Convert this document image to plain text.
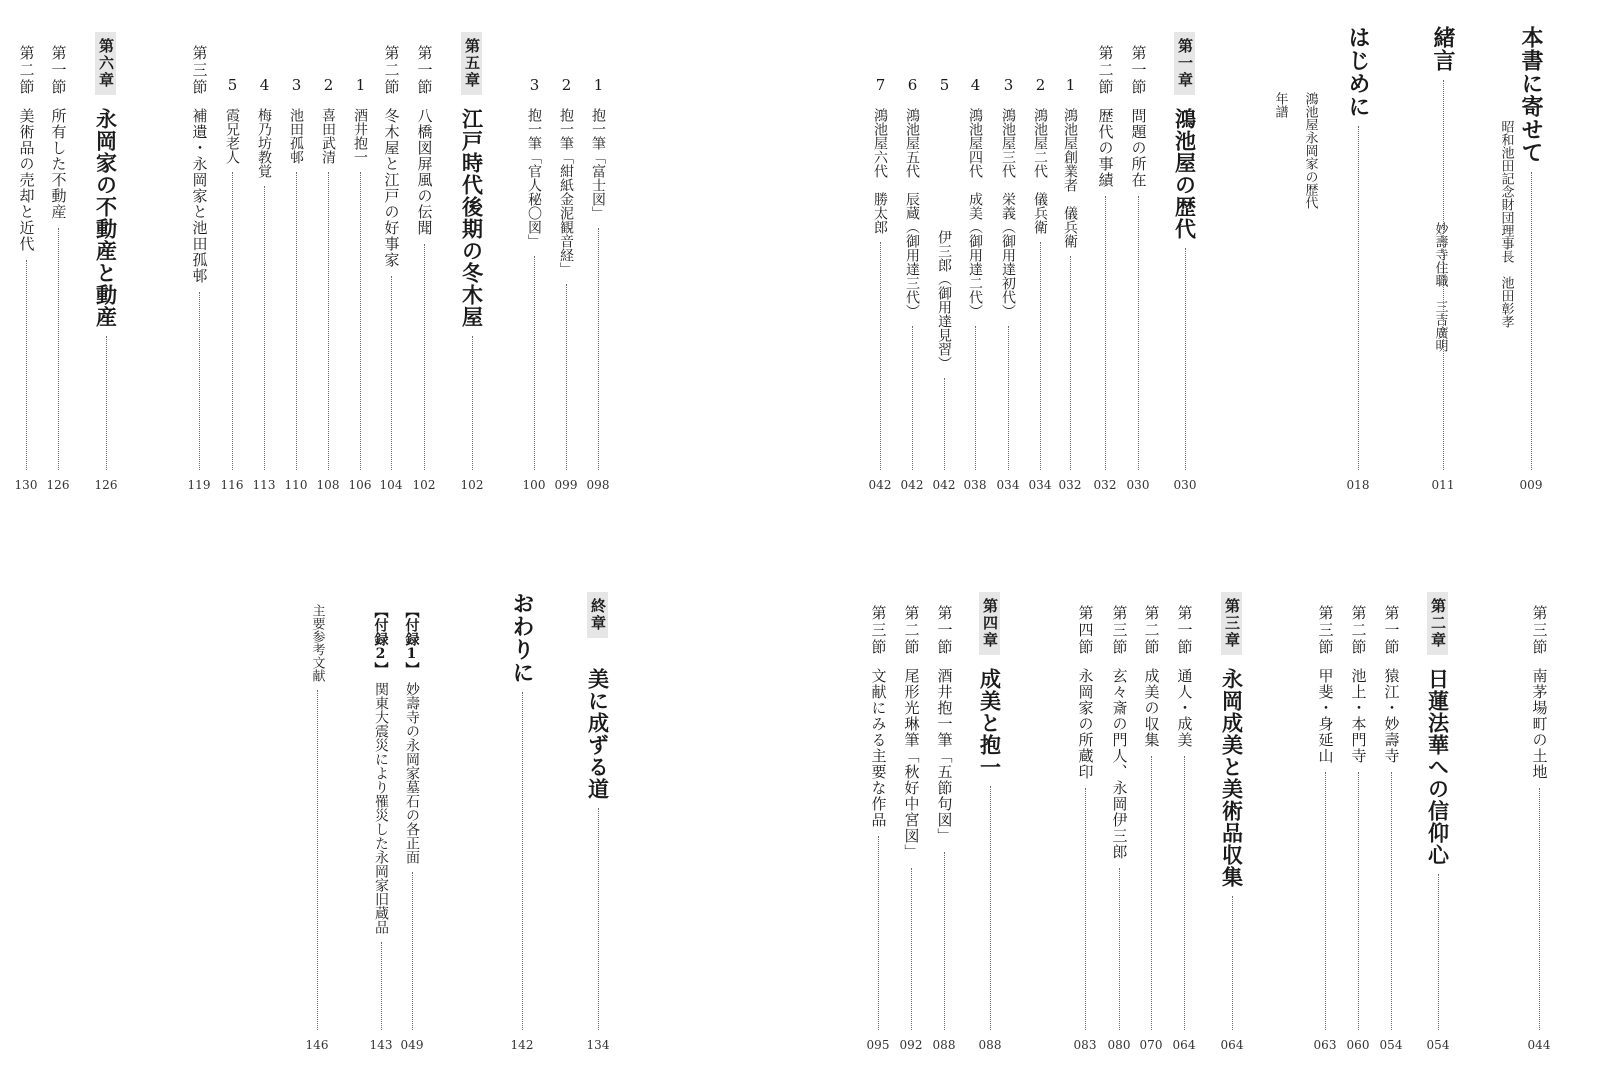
本書に寄せて
009
昭和池田記念財団理事長　池田彰孝
緒言
011
妙壽寺住職　三吉廣明
はじめに
018
鴻池屋永岡家の歴代
年譜
第一章
鴻池屋の歴代
030
第一節
問題の所在
030
第二節
歴代の事績
032
1
鴻池屋創業者　儀兵衛
032
2
鴻池屋二代　儀兵衛
034
3
鴻池屋三代　栄義（御用達初代）
034
4
鴻池屋四代　成美（御用達二代）
038
5
伊三郎（御用達見習）
042
6
鴻池屋五代　辰蔵（御用達三代）
042
7
鴻池屋六代　勝太郎
042
1
抱一筆「富士図」
098
2
抱一筆「紺紙金泥観音経」
099
3
抱一筆「官人秘〇図」
100
第五章
江戸時代後期の冬木屋
102
第一節
八橋図屏風の伝聞
102
第二節
冬木屋と江戸の好事家
104
1
酒井抱一
106
2
喜田武清
108
3
池田孤邨
110
4
梅乃坊教覚
113
5
霞兄老人
116
第三節
補遺・永岡家と池田孤邨
119
第六章
永岡家の不動産と動産
126
第一節
所有した不動産
126
第二節
美術品の売却と近代
130
第三節
南茅場町の土地
044
第二章
日蓮法華への信仰心
054
第一節
猿江・妙壽寺
054
第二節
池上・本門寺
060
第三節
甲斐・身延山
063
第三章
永岡成美と美術品収集
064
第一節
通人・成美
064
第二節
成美の収集
070
第三節
玄々斎の門人、永岡伊三郎
080
第四節
永岡家の所蔵印
083
第四章
成美と抱一
088
第一節
酒井抱一筆「五節句図」
088
第二節
尾形光琳筆「秋好中宮図」
092
第三節
文献にみる主要な作品
095
終章
美に成ずる道
134
おわりに
142
【付録1】
妙壽寺の永岡家墓石の各正面
049
【付録2】
関東大震災により罹災した永岡家旧蔵品
143
主要参考文献
146
